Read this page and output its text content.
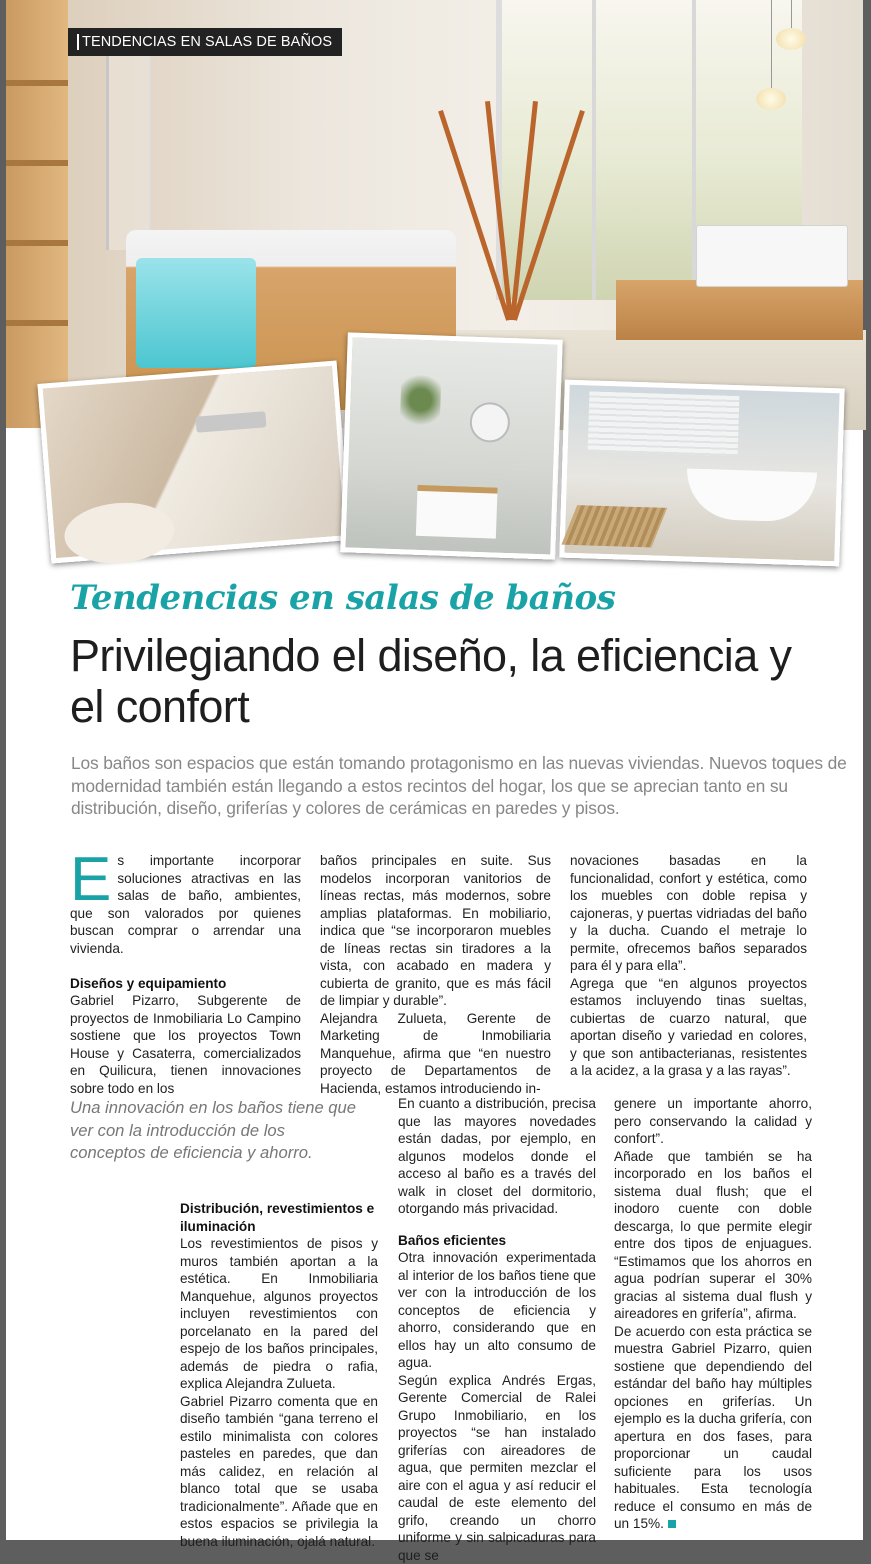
TENDENCIAS EN SALAS DE BAÑOS
Tendencias en salas de baños
Privilegiando el diseño, la eficiencia y el confort

Los baños son espacios que están tomando protagonismo en las nuevas viviendas. Nuevos toques de modernidad también están llegando a estos recintos del hogar, los que se aprecian tanto en su distribución, diseño, griferías y colores de cerámicas en paredes y pisos.

Es importante incorporar soluciones atractivas en las salas de baño, ambientes, que son valorados por quienes buscan comprar o arrendar una vivienda.

Diseños y equipamiento

Gabriel Pizarro, Subgerente de proyectos de Inmobiliaria Lo Campino sostiene que los proyectos Town House y Casaterra, comercializados en Quilicura, tienen innovaciones sobre todo en los

baños principales en suite. Sus modelos incorporan vanitorios de líneas rectas, más modernos, sobre amplias plataformas. En mobiliario, indica que “se incorporaron muebles de líneas rectas sin tiradores a la vista, con acabado en madera y cubierta de granito, que es más fácil de limpiar y durable”.

Alejandra Zulueta, Gerente de Marketing de Inmobiliaria Manquehue, afirma que “en nuestro proyecto de Departamentos de Hacienda, estamos introduciendo in-

novaciones basadas en la funcionalidad, confort y estética, como los muebles con doble repisa y cajoneras, y puertas vidriadas del baño y la ducha. Cuando el metraje lo permite, ofrecemos baños separados para él y para ella”.

Agrega que “en algunos proyectos estamos incluyendo tinas sueltas, cubiertas de cuarzo natural, que aportan diseño y variedad en colores, y que son antibacterianas, resistentes a la acidez, a la grasa y a las rayas”.

Una innovación en los baños tiene que ver con la introducción de los conceptos de eficiencia y ahorro.

Distribución, revestimientos e iluminación

Los revestimientos de pisos y muros también aportan a la estética. En Inmobiliaria Manquehue, algunos proyectos incluyen revestimientos con porcelanato en la pared del espejo de los baños principales, además de piedra o rafia, explica Alejandra Zulueta.

Gabriel Pizarro comenta que en diseño también “gana terreno el estilo minimalista con colores pasteles en paredes, que dan más calidez, en relación al blanco total que se usaba tradicionalmente”. Añade que en estos espacios se privilegia la buena iluminación, ojalá natural.

En cuanto a distribución, precisa que las mayores novedades están dadas, por ejemplo, en algunos modelos donde el acceso al baño es a través del walk in closet del dormitorio, otorgando más privacidad.

Baños eficientes

Otra innovación experimentada al interior de los baños tiene que ver con la introducción de los conceptos de eficiencia y ahorro, considerando que en ellos hay un alto consumo de agua.

Según explica Andrés Ergas, Gerente Comercial de Ralei Grupo Inmobiliario, en los proyectos “se han instalado griferías con aireadores de agua, que permiten mezclar el aire con el agua y así reducir el caudal de este elemento del grifo, creando un chorro uniforme y sin salpicaduras para que se

genere un importante ahorro, pero conservando la calidad y confort”.

Añade que también se ha incorporado en los baños el sistema dual flush; que el inodoro cuente con doble descarga, lo que permite elegir entre dos tipos de enjuagues. “Estimamos que los ahorros en agua podrían superar el 30% gracias al sistema dual flush y aireadores en grifería”, afirma.

De acuerdo con esta práctica se muestra Gabriel Pizarro, quien sostiene que dependiendo del estándar del baño hay múltiples opciones en griferías. Un ejemplo es la ducha grifería, con apertura en dos fases, para proporcionar un caudal suficiente para los usos habituales. Esta tecnología reduce el consumo en más de un 15%.
